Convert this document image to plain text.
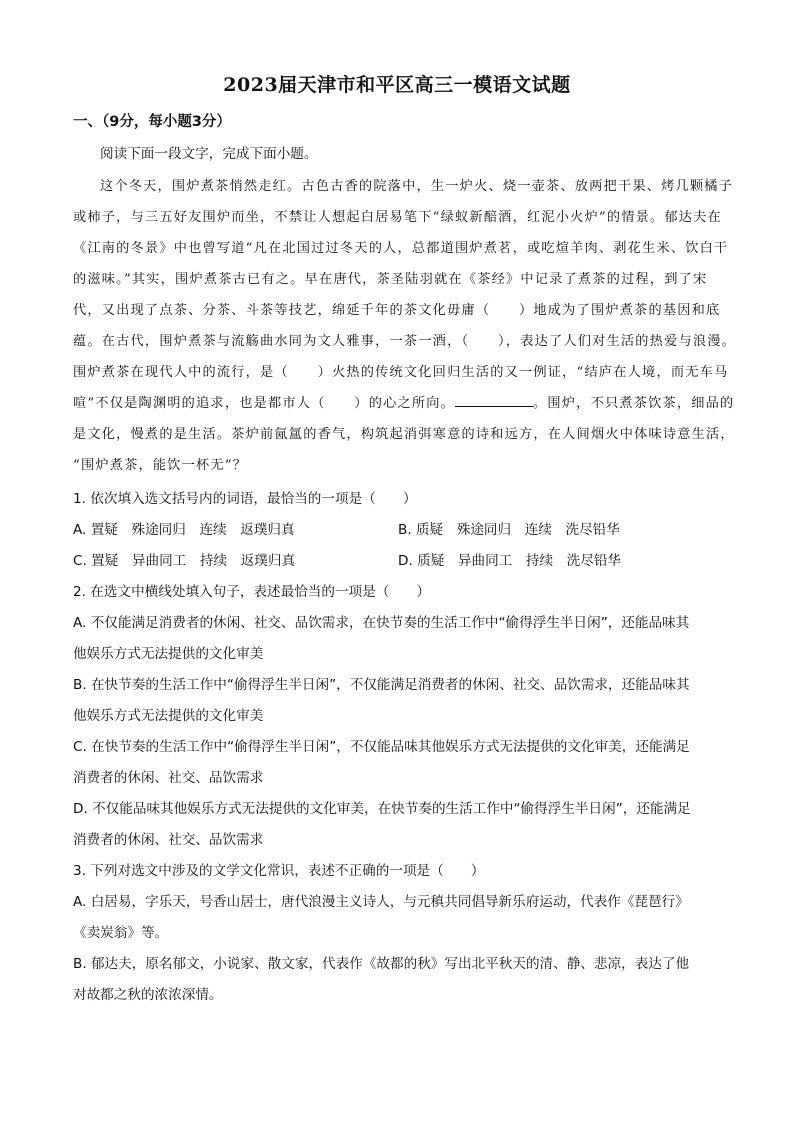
2023届天津市和平区高三一模语文试题
一、（9分，每小题3分）
阅读下面一段文字，完成下面小题。
这个冬天，围炉煮茶悄然走红。古色古香的院落中，生一炉火、烧一壶茶、放两把干果、烤几颗橘子
或柿子，与三五好友围炉而坐，不禁让人想起白居易笔下“绿蚁新醅酒，红泥小火炉”的情景。郁达夫在
《江南的冬景》中也曾写道“凡在北国过过冬天的人，总都道围炉煮茗，或吃煊羊肉、剥花生米、饮白干
的滋味。”其实，围炉煮茶古已有之。早在唐代，茶圣陆羽就在《茶经》中记录了煮茶的过程，到了宋
代，又出现了点茶、分茶、斗茶等技艺，绵延千年的茶文化毋庸（　　）地成为了围炉煮茶的基因和底
蕴。在古代，围炉煮茶与流觞曲水同为文人雅事，一茶一酒，（　　），表达了人们对生活的热爱与浪漫。
围炉煮茶在现代人中的流行，是（　　）火热的传统文化回归生活的又一例证，“结庐在人境，而无车马
喧”不仅是陶渊明的追求，也是都市人（　　）的心之所向。	。围炉，不只煮茶饮茶，细品的
是文化，慢煮的是生活。茶炉前氤氲的香气，构筑起消弭寒意的诗和远方，在人间烟火中体味诗意生活，
“围炉煮茶，能饮一杯无”？
1. 依次填入选文括号内的词语，最恰当的一项是（　　）
A. 置疑　殊途同归　连续　返璞归真	B. 质疑　殊途同归　连续　洗尽铅华
C. 置疑　异曲同工　持续　返璞归真	D. 质疑　异曲同工　持续　洗尽铅华
2. 在选文中横线处填入句子，表述最恰当的一项是（　　）
A. 不仅能满足消费者的休闲、社交、品饮需求，在快节奏的生活工作中“偷得浮生半日闲”，还能品味其
他娱乐方式无法提供的文化审美
B. 在快节奏的生活工作中“偷得浮生半日闲”，不仅能满足消费者的休闲、社交、品饮需求，还能品味其
他娱乐方式无法提供的文化审美
C. 在快节奏的生活工作中“偷得浮生半日闲”，不仅能品味其他娱乐方式无法提供的文化审美，还能满足
消费者的休闲、社交、品饮需求
D. 不仅能品味其他娱乐方式无法提供的文化审美，在快节奏的生活工作中“偷得浮生半日闲”，还能满足
消费者的休闲、社交、品饮需求
3. 下列对选文中涉及的文学文化常识，表述不正确的一项是（　　）
A. 白居易，字乐天，号香山居士，唐代浪漫主义诗人，与元稹共同倡导新乐府运动，代表作《琵琶行》
《卖炭翁》等。
B. 郁达夫，原名郁文，小说家、散文家，代表作《故都的秋》写出北平秋天的清、静、悲凉，表达了他
对故都之秋的浓浓深情。
